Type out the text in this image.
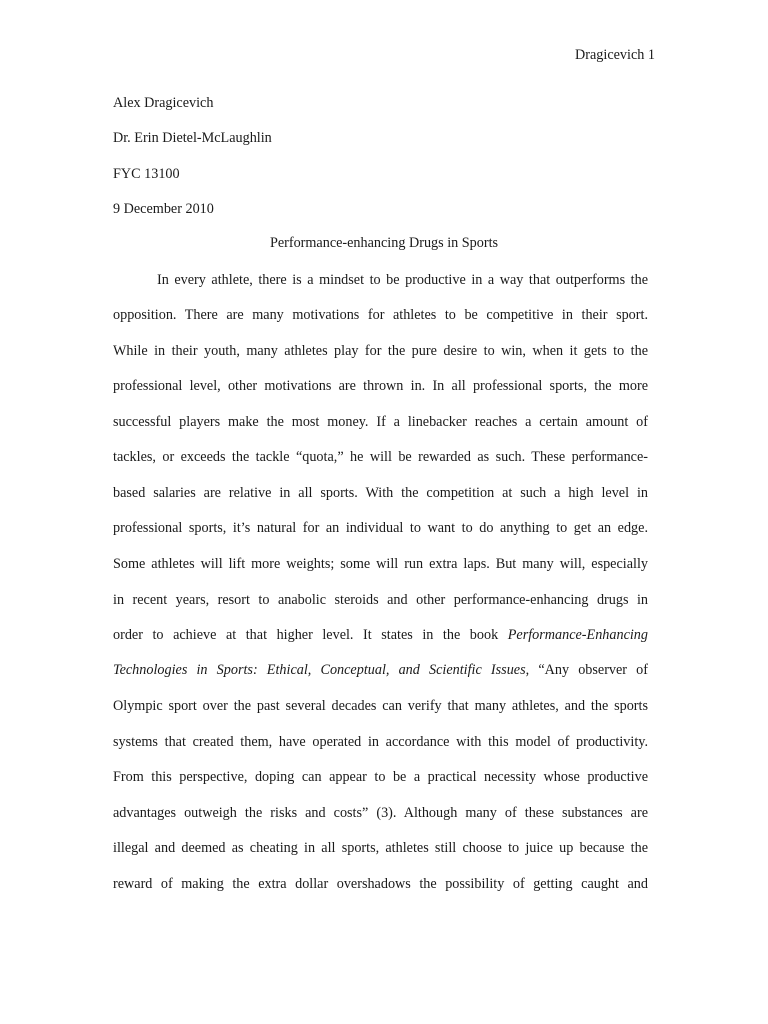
Dragicevich 1
Alex Dragicevich
Dr. Erin Dietel-McLaughlin
FYC 13100
9 December 2010
Performance-enhancing Drugs in Sports
In every athlete, there is a mindset to be productive in a way that outperforms the
opposition. There are many motivations for athletes to be competitive in their sport.
While in their youth, many athletes play for the pure desire to win, when it gets to the
professional level, other motivations are thrown in. In all professional sports, the more
successful players make the most money. If a linebacker reaches a certain amount of
tackles, or exceeds the tackle “quota,” he will be rewarded as such. These performance-
based salaries are relative in all sports. With the competition at such a high level in
professional sports, it’s natural for an individual to want to do anything to get an edge.
Some athletes will lift more weights; some will run extra laps. But many will, especially
in recent years, resort to anabolic steroids and other performance-enhancing drugs in
order to achieve at that higher level. It states in the book Performance-Enhancing
Technologies in Sports: Ethical, Conceptual, and Scientific Issues, “Any observer of
Olympic sport over the past several decades can verify that many athletes, and the sports
systems that created them, have operated in accordance with this model of productivity.
From this perspective, doping can appear to be a practical necessity whose productive
advantages outweigh the risks and costs” (3). Although many of these substances are
illegal and deemed as cheating in all sports, athletes still choose to juice up because the
reward of making the extra dollar overshadows the possibility of getting caught and
